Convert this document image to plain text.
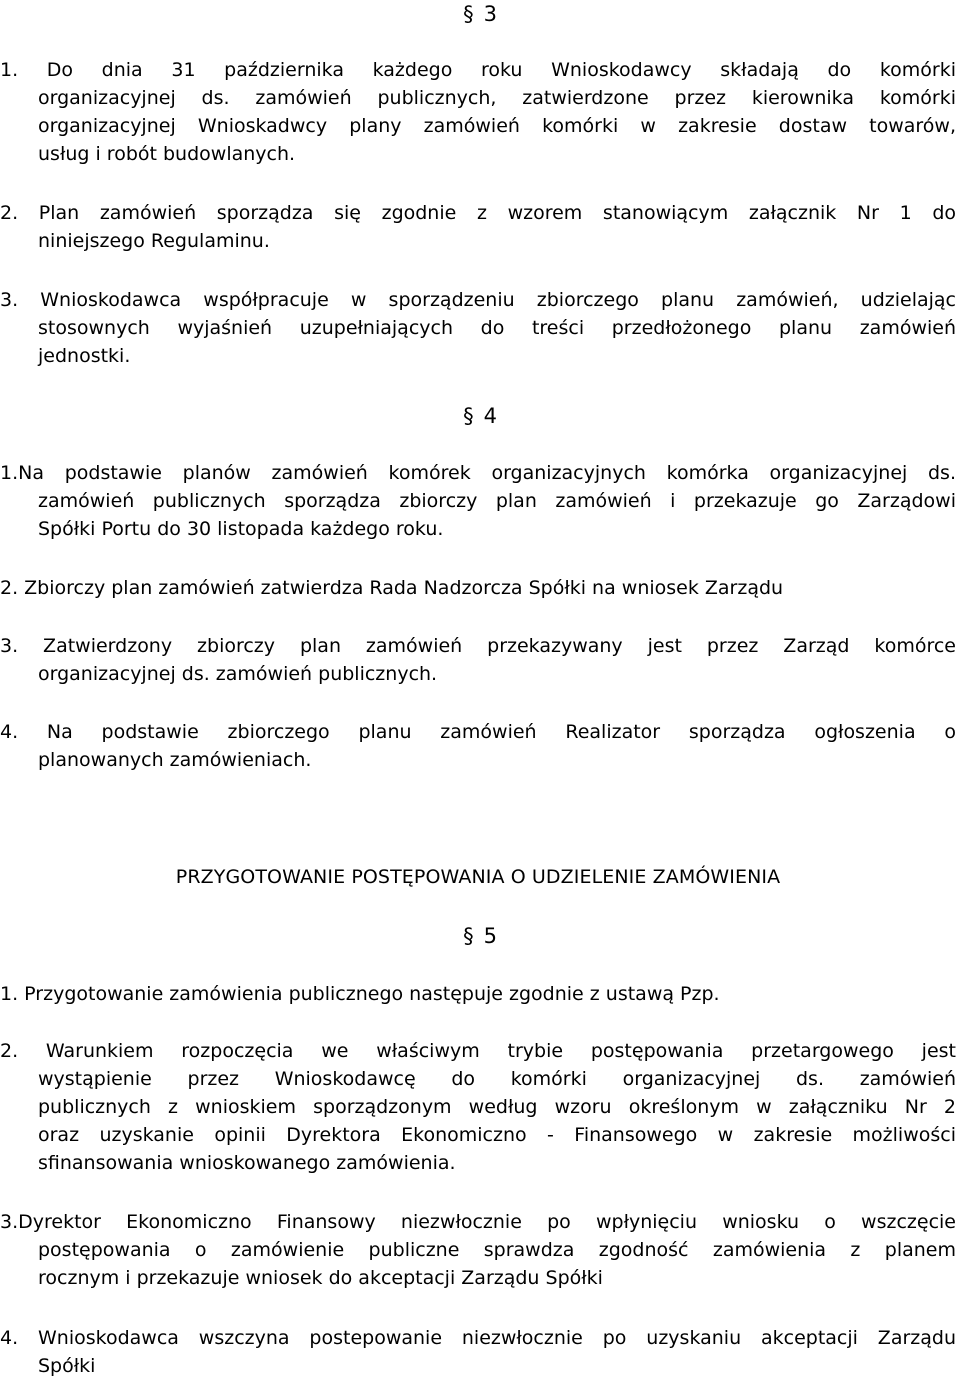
§ 3
1. Do dnia 31 października każdego roku Wnioskodawcy składają do komórki
organizacyjnej ds. zamówień publicznych, zatwierdzone przez kierownika komórki
organizacyjnej Wnioskadwcy plany zamówień komórki w zakresie dostaw towarów,
usług i robót budowlanych.
2. Plan zamówień sporządza się zgodnie z wzorem stanowiącym załącznik Nr 1 do
niniejszego Regulaminu.
3. Wnioskodawca współpracuje w sporządzeniu zbiorczego planu zamówień, udzielając
stosownych wyjaśnień uzupełniających do treści przedłożonego planu zamówień
jednostki.
§ 4
1.Na podstawie planów zamówień komórek organizacyjnych komórka organizacyjnej ds.
zamówień publicznych sporządza zbiorczy plan zamówień i przekazuje go Zarządowi
Spółki Portu do 30 listopada każdego roku.
2. Zbiorczy plan zamówień zatwierdza Rada Nadzorcza Spółki na wniosek Zarządu
3. Zatwierdzony zbiorczy plan zamówień przekazywany jest przez Zarząd komórce
organizacyjnej ds. zamówień publicznych.
4. Na podstawie zbiorczego planu zamówień Realizator sporządza ogłoszenia o
planowanych zamówieniach.
PRZYGOTOWANIE POSTĘPOWANIA O UDZIELENIE ZAMÓWIENIA
§ 5
1. Przygotowanie zamówienia publicznego następuje zgodnie z ustawą Pzp.
2. Warunkiem rozpoczęcia we właściwym trybie postępowania przetargowego jest
wystąpienie przez Wnioskodawcę do komórki organizacyjnej ds. zamówień
publicznych z wnioskiem sporządzonym według wzoru określonym w załączniku Nr 2
oraz uzyskanie opinii Dyrektora Ekonomiczno - Finansowego w zakresie możliwości
sfinansowania wnioskowanego zamówienia.
3.Dyrektor Ekonomiczno Finansowy niezwłocznie po wpłynięciu wniosku o wszczęcie
postępowania o zamówienie publiczne sprawdza zgodność zamówienia z planem
rocznym i przekazuje wniosek do akceptacji Zarządu Spółki
4. Wnioskodawca wszczyna postepowanie niezwłocznie po uzyskaniu akceptacji Zarządu
Spółki
